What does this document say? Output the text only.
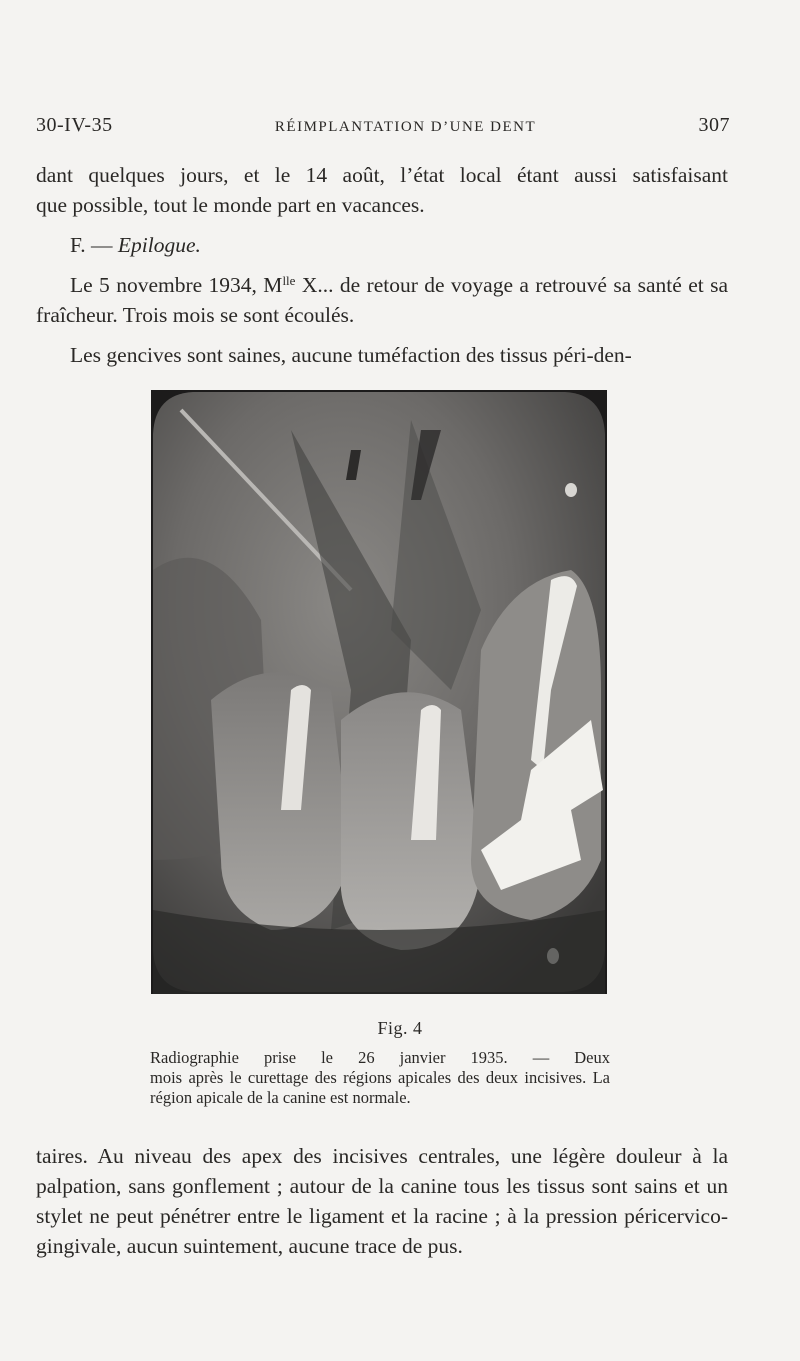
30-IV-35	RÉIMPLANTATION D’UNE DENT	307

dant quelques jours, et le 14 août, l’état local étant aussi satisfaisant

que possible, tout le monde part en vacances.

F. — Epilogue.

Le 5 novembre 1934, $M^{lle}$ X... de retour de voyage a retrouvé sa santé et sa fraîcheur. Trois mois se sont écoulés.

Les gencives sont saines, aucune tuméfaction des tissus péri-den-

Fig. 4
Radiographie prise le 26 janvier 1935. — Deux
mois après le curettage des régions apicales des deux incisives. La région apicale de la canine est normale.

taires. Au niveau des apex des incisives centrales, une légère douleur à la palpation, sans gonflement ; autour de la canine tous les tissus sont sains et un stylet ne peut pénétrer entre le ligament et la racine ; à la pression péricervico-gingivale, aucun suintement, aucune trace de pus.
